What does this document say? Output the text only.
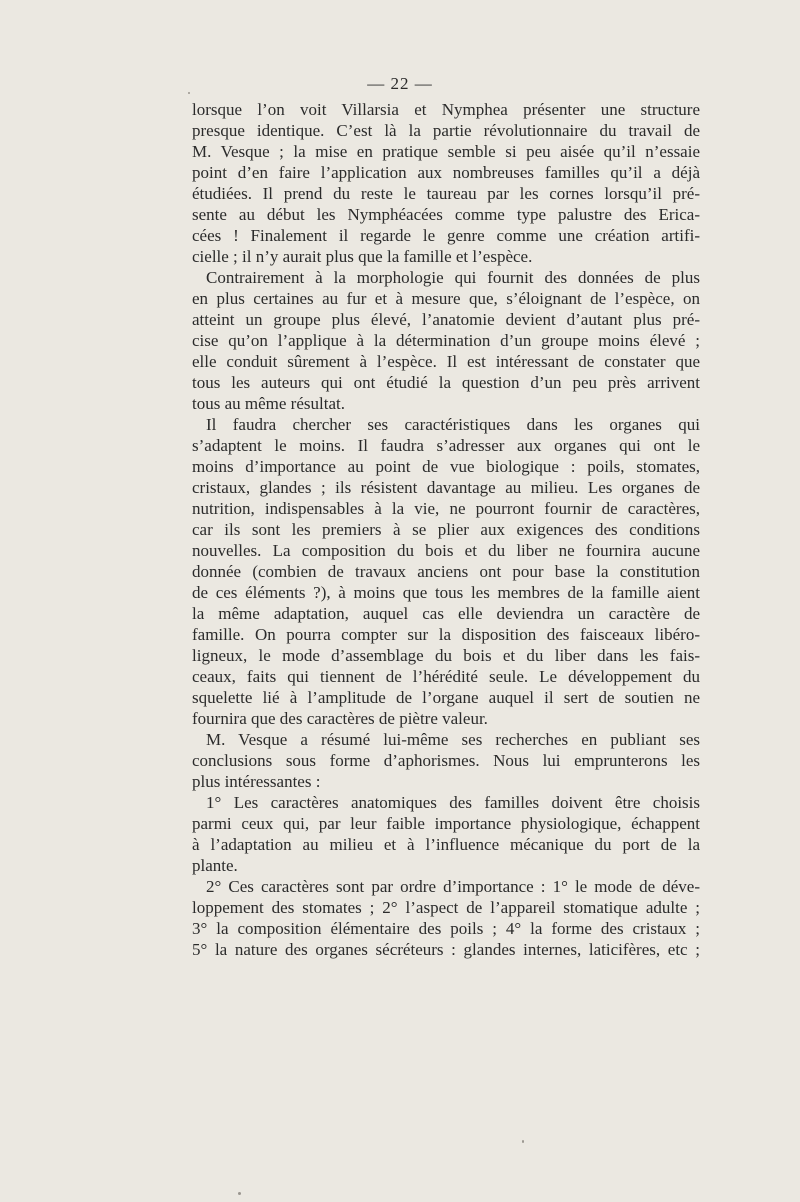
— 22 —
lorsque l’on voit Villarsia et Nymphea présenter une structure
presque identique. C’est là la partie révolutionnaire du travail de
M. Vesque ; la mise en pratique semble si peu aisée qu’il n’essaie
point d’en faire l’application aux nombreuses familles qu’il a déjà
étudiées. Il prend du reste le taureau par les cornes lorsqu’il pré-
sente au début les Nymphéacées comme type palustre des Erica-
cées ! Finalement il regarde le genre comme une création artifi-
cielle ; il n’y aurait plus que la famille et l’espèce.
Contrairement à la morphologie qui fournit des données de plus
en plus certaines au fur et à mesure que, s’éloignant de l’espèce, on
atteint un groupe plus élevé, l’anatomie devient d’autant plus pré-
cise qu’on l’applique à la détermination d’un groupe moins élevé ;
elle conduit sûrement à l’espèce. Il est intéressant de constater que
tous les auteurs qui ont étudié la question d’un peu près arrivent
tous au même résultat.
Il faudra chercher ses caractéristiques dans les organes qui
s’adaptent le moins. Il faudra s’adresser aux organes qui ont le
moins d’importance au point de vue biologique : poils, stomates,
cristaux, glandes ; ils résistent davantage au milieu. Les organes de
nutrition, indispensables à la vie, ne pourront fournir de caractères,
car ils sont les premiers à se plier aux exigences des conditions
nouvelles. La composition du bois et du liber ne fournira aucune
donnée (combien de travaux anciens ont pour base la constitution
de ces éléments ?), à moins que tous les membres de la famille aient
la même adaptation, auquel cas elle deviendra un caractère de
famille. On pourra compter sur la disposition des faisceaux libéro-
ligneux, le mode d’assemblage du bois et du liber dans les fais-
ceaux, faits qui tiennent de l’hérédité seule. Le développement du
squelette lié à l’amplitude de l’organe auquel il sert de soutien ne
fournira que des caractères de piètre valeur.
M. Vesque a résumé lui-même ses recherches en publiant ses
conclusions sous forme d’aphorismes. Nous lui emprunterons les
plus intéressantes :
1° Les caractères anatomiques des familles doivent être choisis
parmi ceux qui, par leur faible importance physiologique, échappent
à l’adaptation au milieu et à l’influence mécanique du port de la
plante.
2° Ces caractères sont par ordre d’importance : 1° le mode de déve-
loppement des stomates ; 2° l’aspect de l’appareil stomatique adulte ;
3° la composition élémentaire des poils ; 4° la forme des cristaux ;
5° la nature des organes sécréteurs : glandes internes, laticifères, etc ;
